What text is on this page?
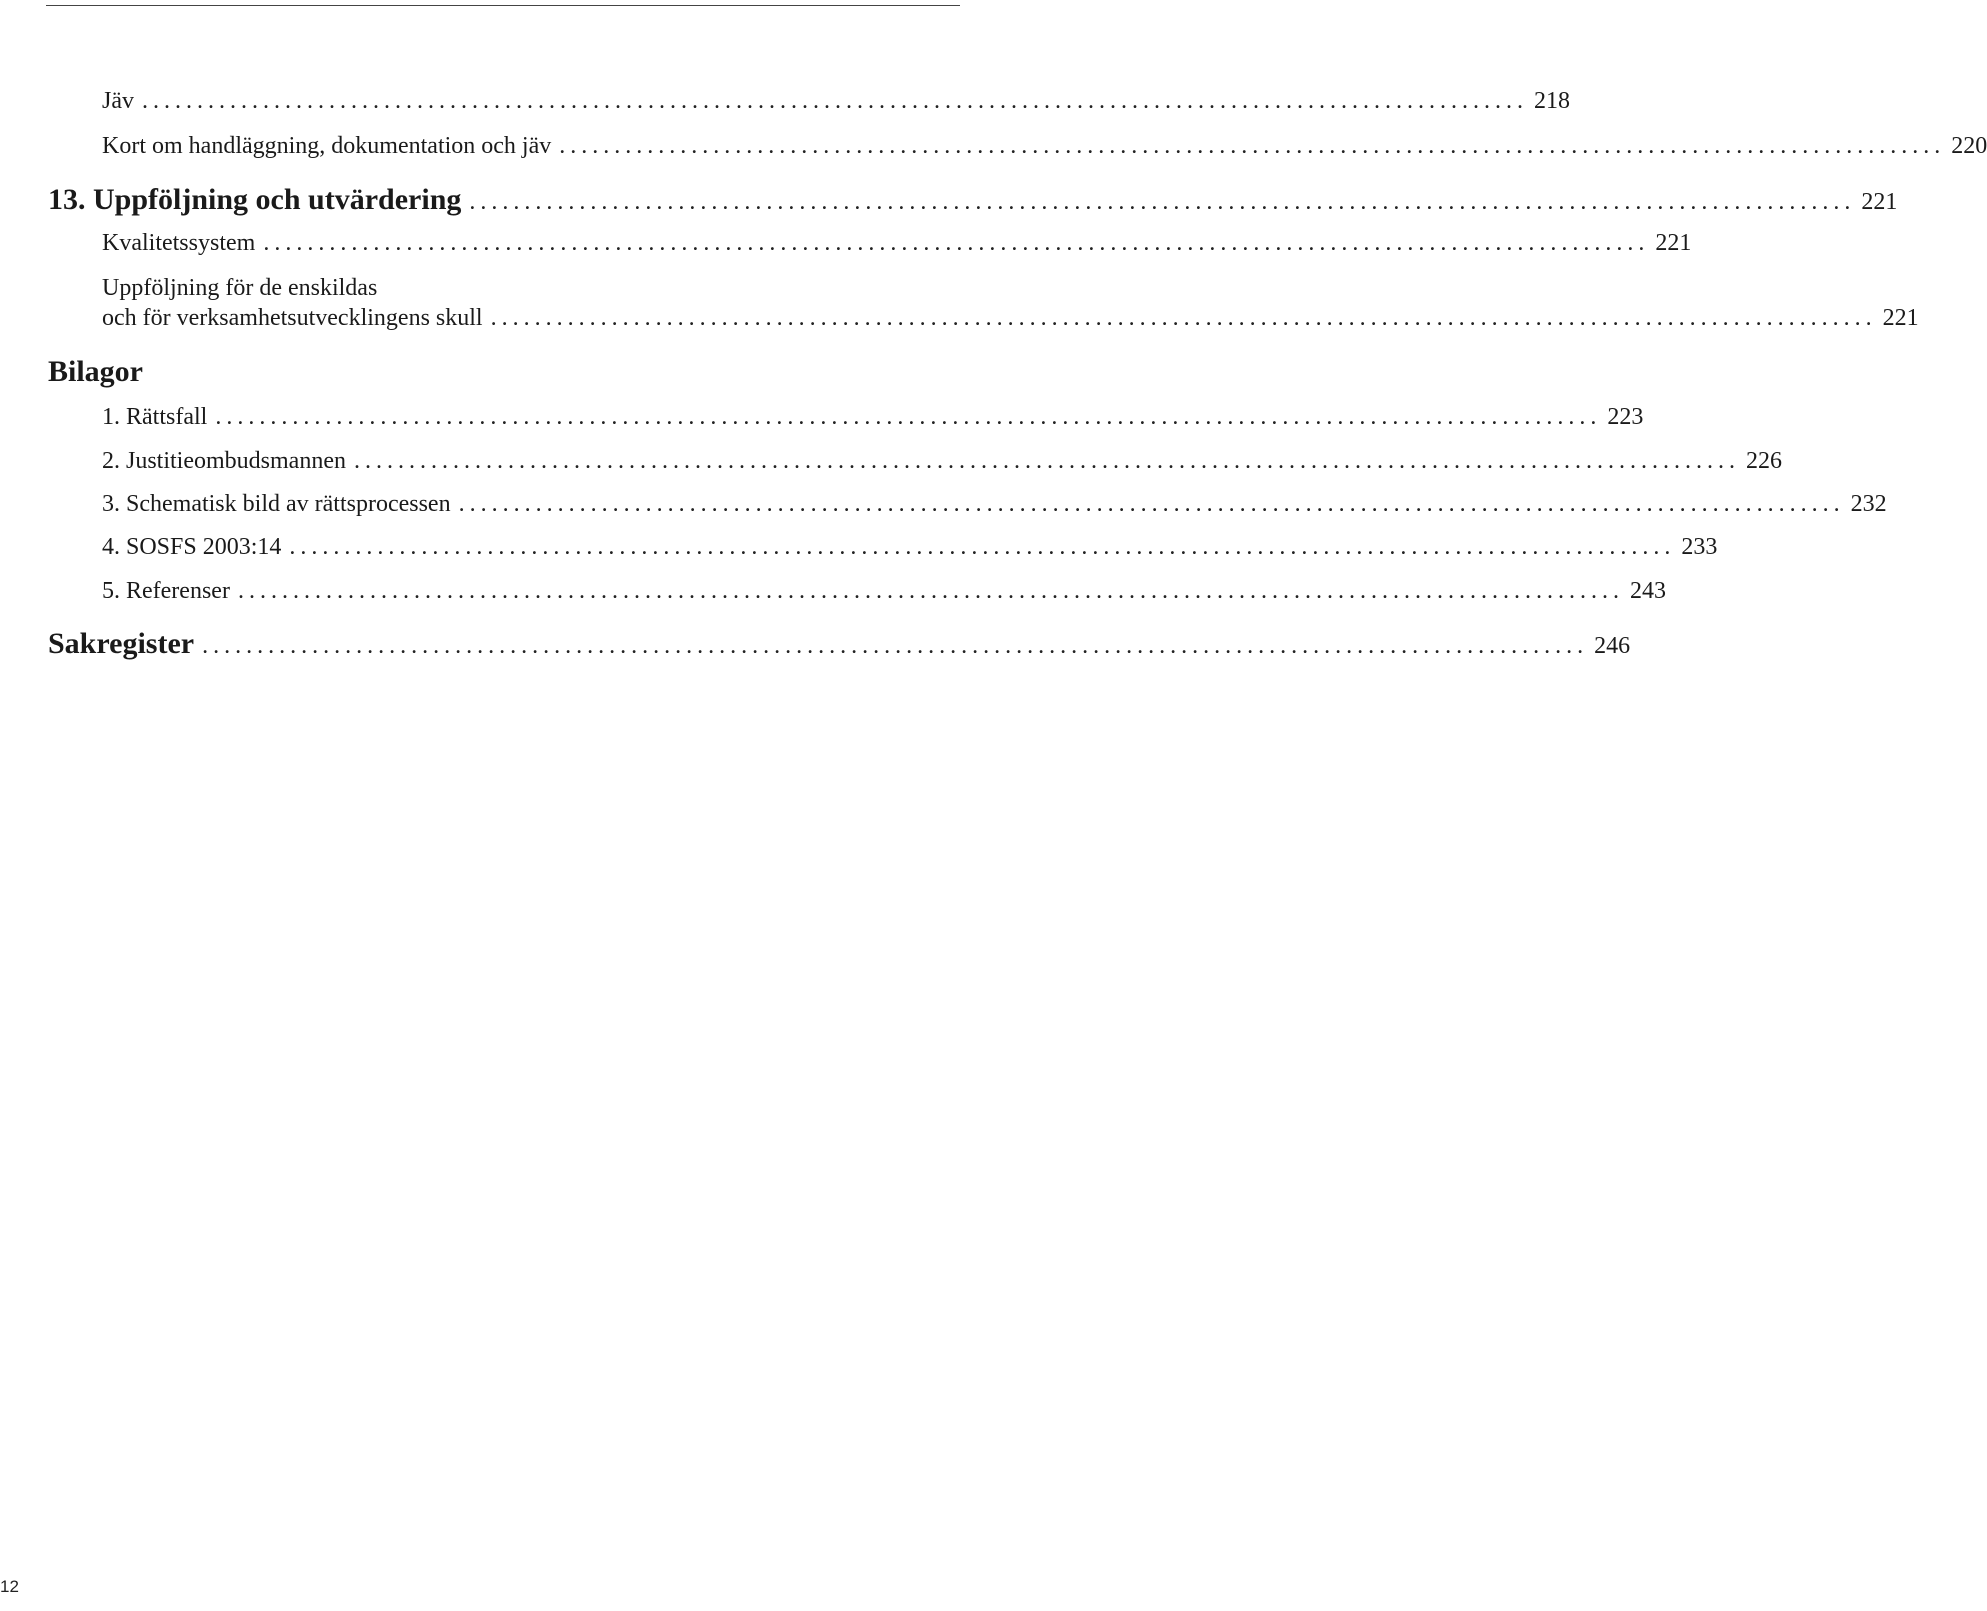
Jäv .............................................................................................................................. 218
Kort om handläggning, dokumentation och jäv .............................................................................................................................. 220
13. Uppföljning och utvärdering .............................................................................................................................. 221
Kvalitetssystem .............................................................................................................................. 221
Uppföljning för de enskildas
och för verksamhetsutvecklingens skull .............................................................................................................................. 221
Bilagor
1. Rättsfall .............................................................................................................................. 223
2. Justitieombudsmannen .............................................................................................................................. 226
3. Schematisk bild av rättsprocessen .............................................................................................................................. 232
4. SOSFS 2003:14 .............................................................................................................................. 233
5. Referenser .............................................................................................................................. 243
Sakregister .............................................................................................................................. 246
12
